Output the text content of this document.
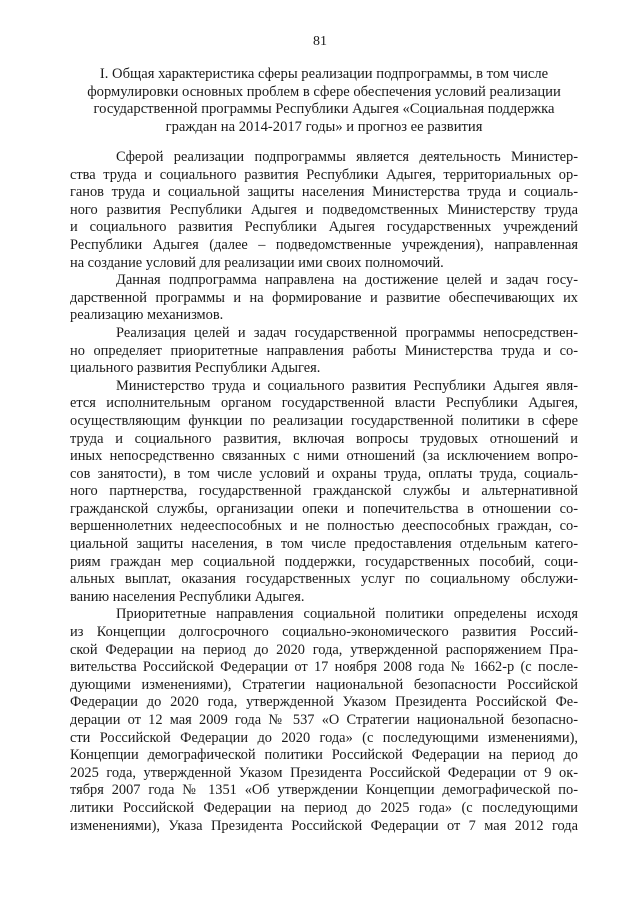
81
I. Общая характеристика сферы реализации подпрограммы, в том числе
формулировки основных проблем в сфере обеспечения условий реализации
государственной программы Республики Адыгея «Социальная поддержка
граждан на 2014-2017 годы» и прогноз ее развития
Сферой реализации подпрограммы является деятельность Министер-
ства труда и социального развития Республики Адыгея, территориальных ор-
ганов труда и социальной защиты населения Министерства труда и социаль-
ного развития Республики Адыгея и подведомственных Министерству труда
и социального развития Республики Адыгея государственных учреждений
Республики Адыгея (далее – подведомственные учреждения), направленная
на создание условий для реализации ими своих полномочий.
Данная подпрограмма направлена на достижение целей и задач госу-
дарственной программы и на формирование и развитие обеспечивающих их
реализацию механизмов.
Реализация целей и задач государственной программы непосредствен-
но определяет приоритетные направления работы Министерства труда и со-
циального развития Республики Адыгея.
Министерство труда и социального развития Республики Адыгея явля-
ется исполнительным органом государственной власти Республики Адыгея,
осуществляющим функции по реализации государственной политики в сфере
труда и социального развития, включая вопросы трудовых отношений и
иных непосредственно связанных с ними отношений (за исключением вопро-
сов занятости), в том числе условий и охраны труда, оплаты труда, социаль-
ного партнерства, государственной гражданской службы и альтернативной
гражданской службы, организации опеки и попечительства в отношении со-
вершеннолетних недееспособных и не полностью дееспособных граждан, со-
циальной защиты населения, в том числе предоставления отдельным катего-
риям граждан мер социальной поддержки, государственных пособий, соци-
альных выплат, оказания государственных услуг по социальному обслужи-
ванию населения Республики Адыгея.
Приоритетные направления социальной политики определены исходя
из Концепции долгосрочного социально-экономического развития Россий-
ской Федерации на период до 2020 года, утвержденной распоряжением Пра-
вительства Российской Федерации от 17 ноября 2008 года № 1662-р (с после-
дующими изменениями), Стратегии национальной безопасности Российской
Федерации до 2020 года, утвержденной Указом Президента Российской Фе-
дерации от 12 мая 2009 года № 537 «О Стратегии национальной безопасно-
сти Российской Федерации до 2020 года» (с последующими изменениями),
Концепции демографической политики Российской Федерации на период до
2025 года, утвержденной Указом Президента Российской Федерации от 9 ок-
тября 2007 года № 1351 «Об утверждении Концепции демографической по-
литики Российской Федерации на период до 2025 года» (с последующими
изменениями), Указа Президента Российской Федерации от 7 мая 2012 года
